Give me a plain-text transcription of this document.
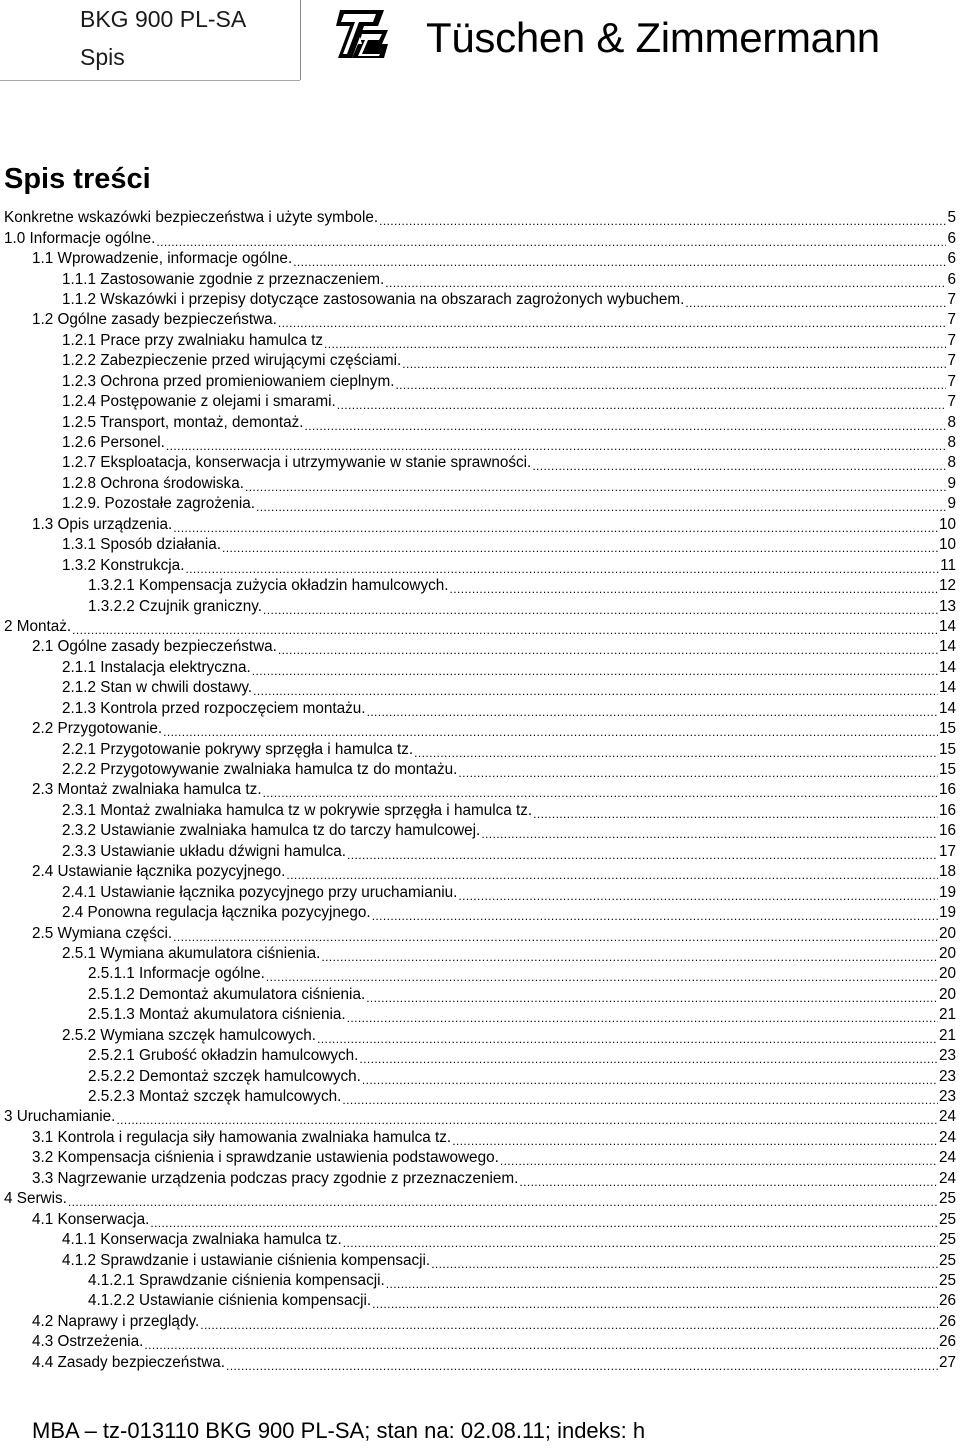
BKG 900 PL-SA
Spis	Tüschen & Zimmermann
Spis treści
Konkretne wskazówki bezpieczeństwa i użyte symbole. .....	5
1.0 Informacje ogólne. .....	6
1.1 Wprowadzenie, informacje ogólne. .....	6
1.1.1 Zastosowanie zgodnie z przeznaczeniem. .....	6
1.1.2 Wskazówki i przepisy dotyczące zastosowania na obszarach zagrożonych wybuchem. .....	7
1.2 Ogólne zasady bezpieczeństwa. .....	7
1.2.1 Prace przy zwalniaku hamulca tz .....	7
1.2.2 Zabezpieczenie przed wirującymi częściami. .....	7
1.2.3 Ochrona przed promieniowaniem cieplnym. .....	7
1.2.4 Postępowanie z olejami i smarami. .....	7
1.2.5 Transport, montaż, demontaż. .....	8
1.2.6 Personel. .....	8
1.2.7 Eksploatacja, konserwacja i utrzymywanie w stanie sprawności. .....	8
1.2.8 Ochrona środowiska. .....	9
1.2.9. Pozostałe zagrożenia. .....	9
1.3 Opis urządzenia. .....	10
1.3.1 Sposób działania. .....	10
1.3.2 Konstrukcja. .....	11
1.3.2.1 Kompensacja zużycia okładzin hamulcowych. .....	12
1.3.2.2 Czujnik graniczny. .....	13
2 Montaż. .....	14
2.1 Ogólne zasady bezpieczeństwa. .....	14
2.1.1 Instalacja elektryczna. .....	14
2.1.2 Stan w chwili dostawy. .....	14
2.1.3 Kontrola przed rozpoczęciem montażu. .....	14
2.2 Przygotowanie. .....	15
2.2.1 Przygotowanie pokrywy sprzęgła i hamulca tz. .....	15
2.2.2 Przygotowywanie zwalniaka hamulca tz do montażu. .....	15
2.3 Montaż zwalniaka hamulca tz. .....	16
2.3.1 Montaż zwalniaka hamulca tz w pokrywie sprzęgła i hamulca tz. .....	16
2.3.2 Ustawianie zwalniaka hamulca tz do tarczy hamulcowej. .....	16
2.3.3 Ustawianie układu dźwigni hamulca. .....	17
2.4 Ustawianie łącznika pozycyjnego. .....	18
2.4.1 Ustawianie łącznika pozycyjnego przy uruchamianiu. .....	19
2.4 Ponowna regulacja łącznika pozycyjnego. .....	19
2.5 Wymiana części. .....	20
2.5.1 Wymiana akumulatora ciśnienia. .....	20
2.5.1.1 Informacje ogólne. .....	20
2.5.1.2 Demontaż akumulatora ciśnienia. .....	20
2.5.1.3 Montaż akumulatora ciśnienia. .....	21
2.5.2 Wymiana szczęk hamulcowych. .....	21
2.5.2.1 Grubość okładzin hamulcowych. .....	23
2.5.2.2 Demontaż szczęk hamulcowych. .....	23
2.5.2.3 Montaż szczęk hamulcowych. .....	23
3 Uruchamianie. .....	24
3.1 Kontrola i regulacja siły hamowania zwalniaka hamulca tz. .....	24
3.2 Kompensacja ciśnienia i sprawdzanie ustawienia podstawowego. .....	24
3.3 Nagrzewanie urządzenia podczas pracy zgodnie z przeznaczeniem. .....	24
4 Serwis. .....	25
4.1 Konserwacja. .....	25
4.1.1 Konserwacja zwalniaka hamulca tz. .....	25
4.1.2 Sprawdzanie i ustawianie ciśnienia kompensacji. .....	25
4.1.2.1 Sprawdzanie ciśnienia kompensacji. .....	25
4.1.2.2 Ustawianie ciśnienia kompensacji. .....	26
4.2 Naprawy i przeglądy. .....	26
4.3 Ostrzeżenia. .....	26
4.4 Zasady bezpieczeństwa. .....	27
MBA – tz-013110 BKG 900 PL-SA; stan na: 02.08.11; indeks: h
